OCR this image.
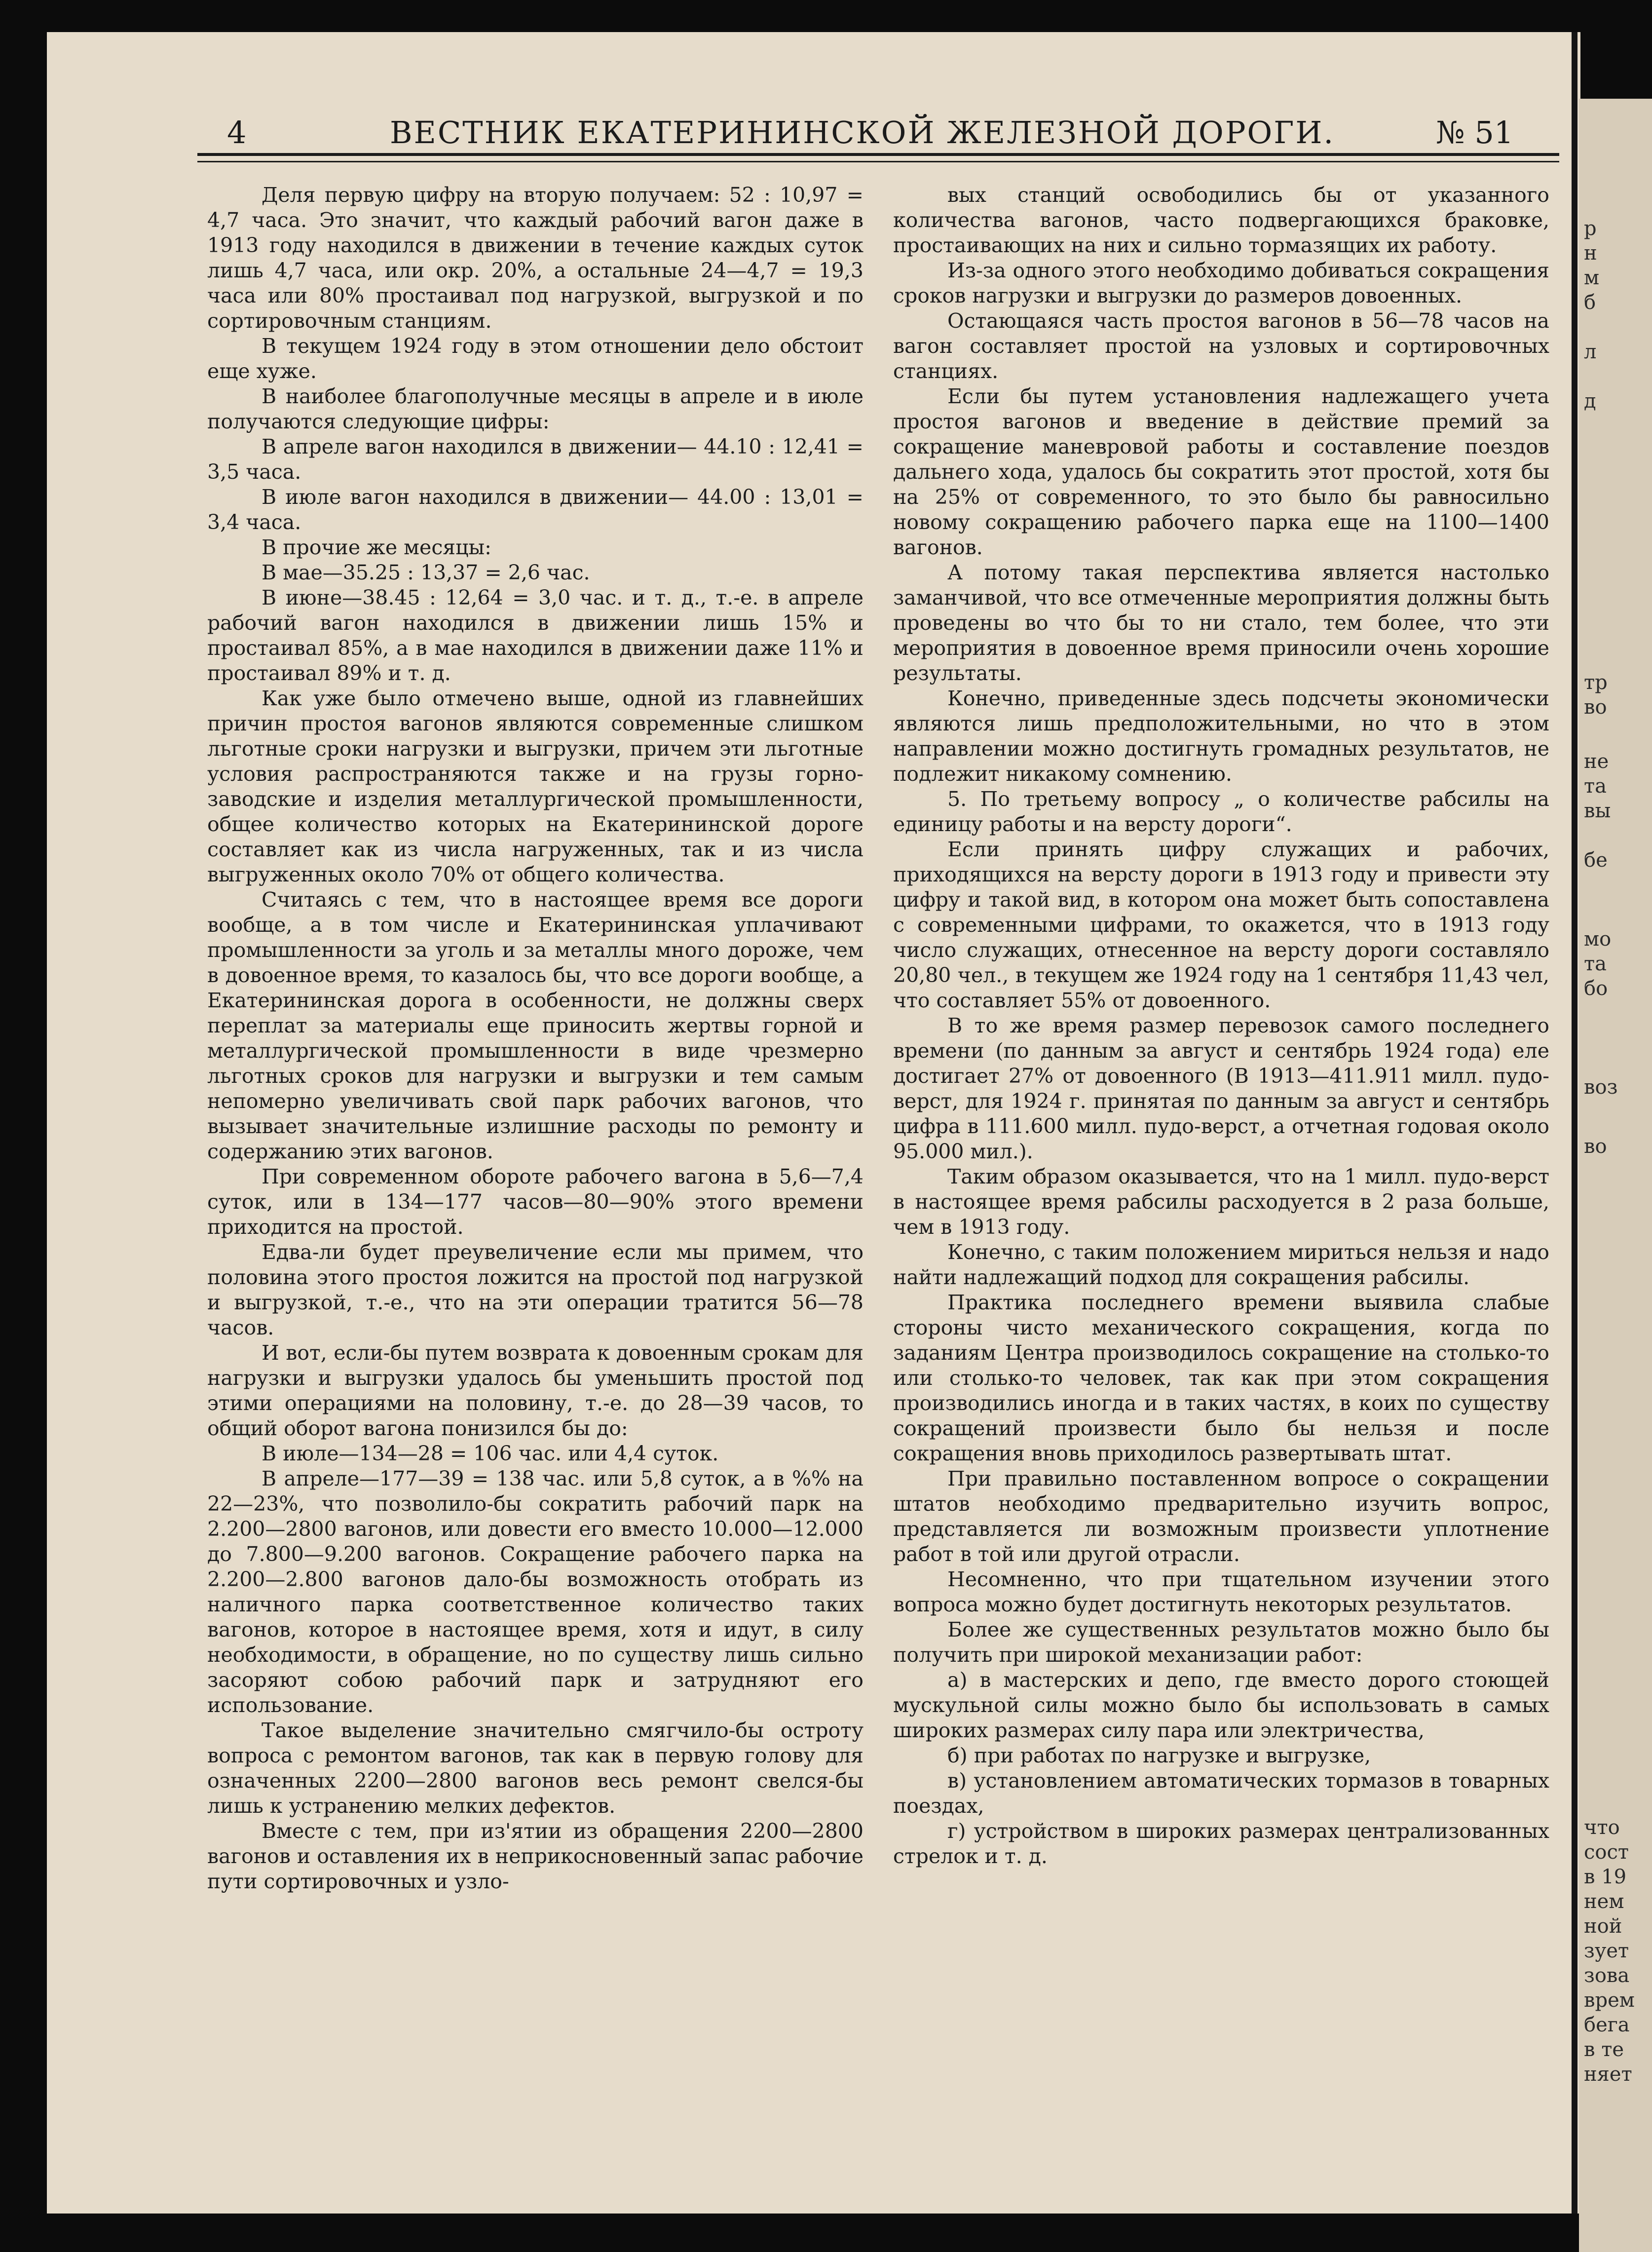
4	ВЕСТНИК ЕКАТЕРИНИНСКОЙ ЖЕЛЕЗНОЙ ДОРОГИ.	№ 51

Деля первую цифру на вторую получаем: 52 : 10,97 = 4,7 часа. Это значит, что каждый рабочий вагон даже в 1913 году находился в движении в течение каждых суток лишь 4,7 часа, или окр. 20%, а остальные 24—4,7 = 19,3 часа или 80% простаивал под нагрузкой, выгрузкой и по сортировочным станциям.

В текущем 1924 году в этом отношении дело обстоит еще хуже.

В наиболее благополучные месяцы в апреле и в июле получаются следующие цифры:

В апреле вагон находился в движении— 44.10 : 12,41 = 3,5 часа.

В июле вагон находился в движении— 44.00 : 13,01 = 3,4 часа.

В прочие же месяцы:

В мае—35.25 : 13,37 = 2,6 час.

В июне—38.45 : 12,64 = 3,0 час. и т. д., т.-е. в апреле рабочий вагон находился в движении лишь 15% и простаивал 85%, а в мае находился в движении даже 11% и простаивал 89% и т. д.

Как уже было отмечено выше, одной из главнейших причин простоя вагонов являются современные слишком льготные сроки нагрузки и выгрузки, причем эти льготные условия распространяются также и на грузы горно-заводские и изделия металлургической промышленности, общее количество которых на Екатерининской дороге составляет как из числа нагруженных, так и из числа выгруженных около 70% от общего количества.

Считаясь с тем, что в настоящее время все дороги вообще, а в том числе и Екатерининская уплачивают промышленности за уголь и за металлы много дороже, чем в довоенное время, то казалось бы, что все дороги вообще, а Екатерининская дорога в особенности, не должны сверх переплат за материалы еще приносить жертвы горной и металлургической промышленности в виде чрезмерно льготных сроков для нагрузки и выгрузки и тем самым непомерно увеличивать свой парк рабочих вагонов, что вызывает значительные излишние расходы по ремонту и содержанию этих вагонов.

При современном обороте рабочего вагона в 5,6—7,4 суток, или в 134—177 часов—80—90% этого времени приходится на простой.

Едва-ли будет преувеличение если мы примем, что половина этого простоя ложится на простой под нагрузкой и выгрузкой, т.-е., что на эти операции тратится 56—78 часов.

И вот, если-бы путем возврата к довоенным срокам для нагрузки и выгрузки удалось бы уменьшить простой под этими операциями на половину, т.-е. до 28—39 часов, то общий оборот вагона понизился бы до:

В июле—134—28 = 106 час. или 4,4 суток.

В апреле—177—39 = 138 час. или 5,8 суток, а в %% на 22—23%, что позволило-бы сократить рабочий парк на 2.200—2800 вагонов, или довести его вместо 10.000—12.000 до 7.800—9.200 вагонов. Сокращение рабочего парка на 2.200—2.800 вагонов дало-бы возможность отобрать из наличного парка соответственное количество таких вагонов, которое в настоящее время, хотя и идут, в силу необходимости, в обращение, но по существу лишь сильно засоряют собою рабочий парк и затрудняют его использование.

Такое выделение значительно смягчило-бы остроту вопроса с ремонтом вагонов, так как в первую голову для означенных 2200—2800 вагонов весь ремонт свелся-бы лишь к устранению мелких дефектов.

Вместе с тем, при из'ятии из обращения 2200—2800 вагонов и оставления их в неприкосновенный запас рабочие пути сортировочных и узло-

вых станций освободились бы от указанного количества вагонов, часто подвергающихся браковке, простаивающих на них и сильно тормазящих их работу.

Из-за одного этого необходимо добиваться сокращения сроков нагрузки и выгрузки до размеров довоенных.

Остающаяся часть простоя вагонов в 56—78 часов на вагон составляет простой на узловых и сортировочных станциях.

Если бы путем установления надлежащего учета простоя вагонов и введение в действие премий за сокращение маневровой работы и составление поездов дальнего хода, удалось бы сократить этот простой, хотя бы на 25% от современного, то это было бы равносильно новому сокращению рабочего парка еще на 1100—1400 вагонов.

А потому такая перспектива является настолько заманчивой, что все отмеченные мероприятия должны быть проведены во что бы то ни стало, тем более, что эти мероприятия в довоенное время приносили очень хорошие результаты.

Конечно, приведенные здесь подсчеты экономически являются лишь предположительными, но что в этом направлении можно достигнуть громадных результатов, не подлежит никакому сомнению.

5. По третьему вопросу „ о количестве рабсилы на единицу работы и на версту дороги“.

Если принять цифру служащих и рабочих, приходящихся на версту дороги в 1913 году и привести эту цифру и такой вид, в котором она может быть сопоставлена с современными цифрами, то окажется, что в 1913 году число служащих, отнесенное на версту дороги составляло 20,80 чел., в текущем же 1924 году на 1 сентября 11,43 чел, что составляет 55% от довоенного.

В то же время размер перевозок самого последнего времени (по данным за август и сентябрь 1924 года) еле достигает 27% от довоенного (В 1913—411.911 милл. пудо-верст, для 1924 г. принятая по данным за август и сентябрь цифра в 111.600 милл. пудо-верст, а отчетная годовая около 95.000 мил.).

Таким образом оказывается, что на 1 милл. пудо-верст в настоящее время рабсилы расходуется в 2 раза больше, чем в 1913 году.

Конечно, с таким положением мириться нельзя и надо найти надлежащий подход для сокращения рабсилы.

Практика последнего времени выявила слабые стороны чисто механического сокращения, когда по заданиям Центра производилось сокращение на столько-то или столько-то человек, так как при этом сокращения производились иногда и в таких частях, в коих по существу сокращений произвести было бы нельзя и после сокращения вновь приходилось развертывать штат.

При правильно поставленном вопросе о сокращении штатов необходимо предварительно изучить вопрос, представляется ли возможным произвести уплотнение работ в той или другой отрасли.

Несомненно, что при тщательном изучении этого вопроса можно будет достигнуть некоторых результатов.

Более же существенных результатов можно было бы получить при широкой механизации работ:

а) в мастерских и депо, где вместо дорого стоющей мускульной силы можно было бы использовать в самых широких размерах силу пара или электричества,

б) при работах по нагрузке и выгрузке,

в) установлением автоматических тормазов в товарных поездах,

г) устройством в широких размерах централизованных стрелок и т. д.

р
н
м
б
л
д
тр
во
не
та
вы
бе
мо
та
бо
воз
во
что
сост
в 19
нем
ной
зует
зова
врем
бега
в те
няет
